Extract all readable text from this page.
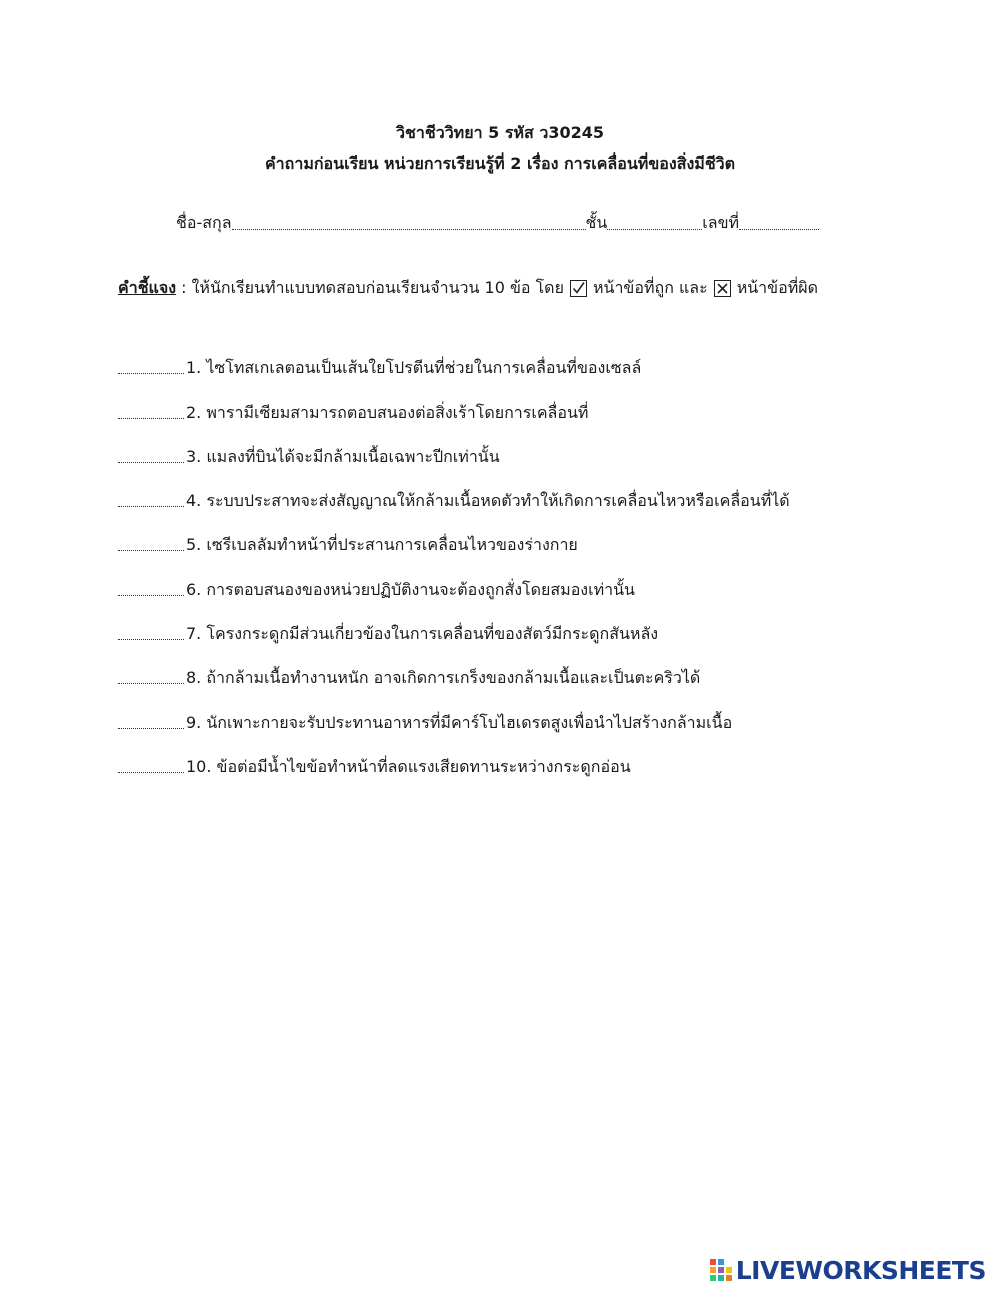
วิชาชีววิทยา 5 รหัส ว30245
คำถามก่อนเรียน หน่วยการเรียนรู้ที่ 2 เรื่อง การเคลื่อนที่ของสิ่งมีชีวิต
ชื่อ-สกุล	ชั้น	เลขที่
คำชี้แจง : ให้นักเรียนทำแบบทดสอบก่อนเรียนจำนวน 10 ข้อ โดย หน้าข้อที่ถูก และ หน้าข้อที่ผิด
1. ไซโทสเกเลตอนเป็นเส้นใยโปรตีนที่ช่วยในการเคลื่อนที่ของเซลล์
2. พารามีเซียมสามารถตอบสนองต่อสิ่งเร้าโดยการเคลื่อนที่
3. แมลงที่บินได้จะมีกล้ามเนื้อเฉพาะปีกเท่านั้น
4. ระบบประสาทจะส่งสัญญาณให้กล้ามเนื้อหดตัวทำให้เกิดการเคลื่อนไหวหรือเคลื่อนที่ได้
5. เซรีเบลลัมทำหน้าที่ประสานการเคลื่อนไหวของร่างกาย
6. การตอบสนองของหน่วยปฏิบัติงานจะต้องถูกสั่งโดยสมองเท่านั้น
7. โครงกระดูกมีส่วนเกี่ยวข้องในการเคลื่อนที่ของสัตว์มีกระดูกสันหลัง
8. ถ้ากล้ามเนื้อทำงานหนัก อาจเกิดการเกร็งของกล้ามเนื้อและเป็นตะคริวได้
9. นักเพาะกายจะรับประทานอาหารที่มีคาร์โบไฮเดรตสูงเพื่อนำไปสร้างกล้ามเนื้อ
10. ข้อต่อมีน้ำไขข้อทำหน้าที่ลดแรงเสียดทานระหว่างกระดูกอ่อน
LIVEWORKSHEETS
